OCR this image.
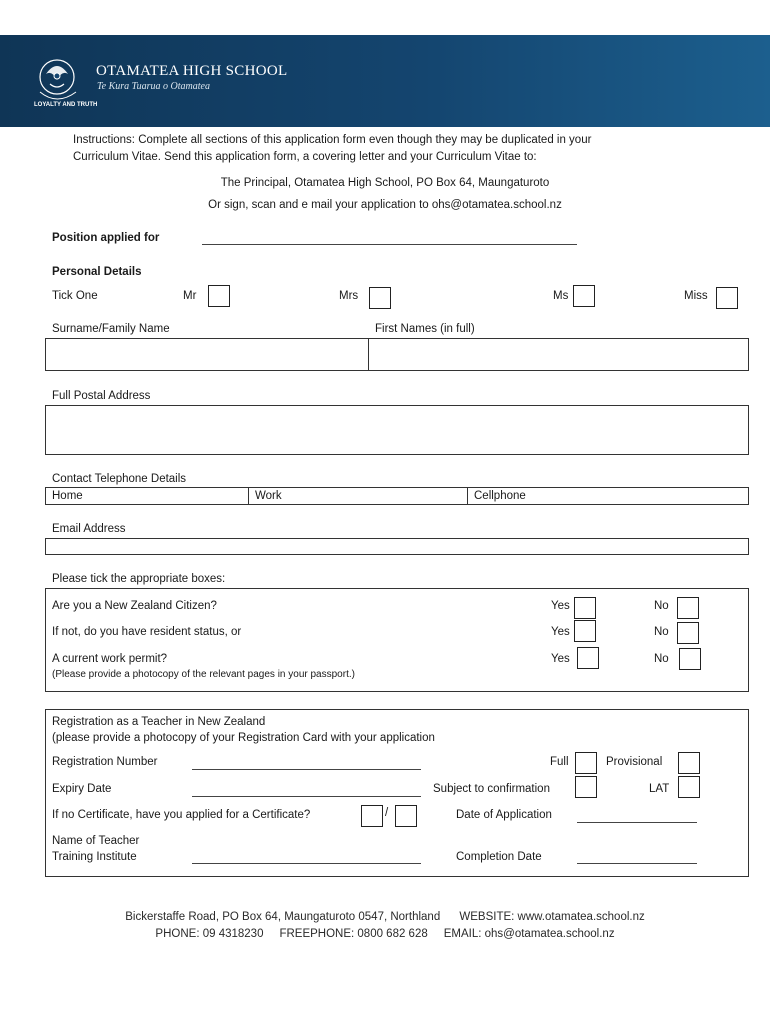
LOYALTY AND TRUTH
OTAMATEA HIGH SCHOOL
Te Kura Tuarua o Otamatea
Instructions: Complete all sections of this application form even though they may be duplicated in your
Curriculum Vitae. Send this application form, a covering letter and your Curriculum Vitae to:
The Principal, Otamatea High School, PO Box 64, Maungaturoto
Or sign, scan and e mail your application to ohs@otamatea.school.nz
Position applied for
Personal Details
Tick One	Mr	Mrs	Ms	Miss
Surname/Family Name	First Names (in full)
Full Postal Address
Contact Telephone Details
Home	Work	Cellphone
Email Address
Please tick the appropriate boxes:
Are you a New Zealand Citizen?	Yes	No
If not, do you have resident status, or	Yes	No
A current work permit?
(Please provide a photocopy of the relevant pages in your passport.)
Yes	No
Registration as a Teacher in New Zealand
(please provide a photocopy of your Registration Card with your application
Registration Number	Full	Provisional
Expiry Date	Subject to confirmation	LAT
If no Certificate, have you applied for a Certificate?	/	Date of Application
Name of Teacher
Training Institute	Completion Date
Bickerstaffe Road, PO Box 64, Maungaturoto 0547, Northland      WEBSITE: www.otamatea.school.nz
PHONE: 09 4318230     FREEPHONE: 0800 682 628     EMAIL: ohs@otamatea.school.nz
